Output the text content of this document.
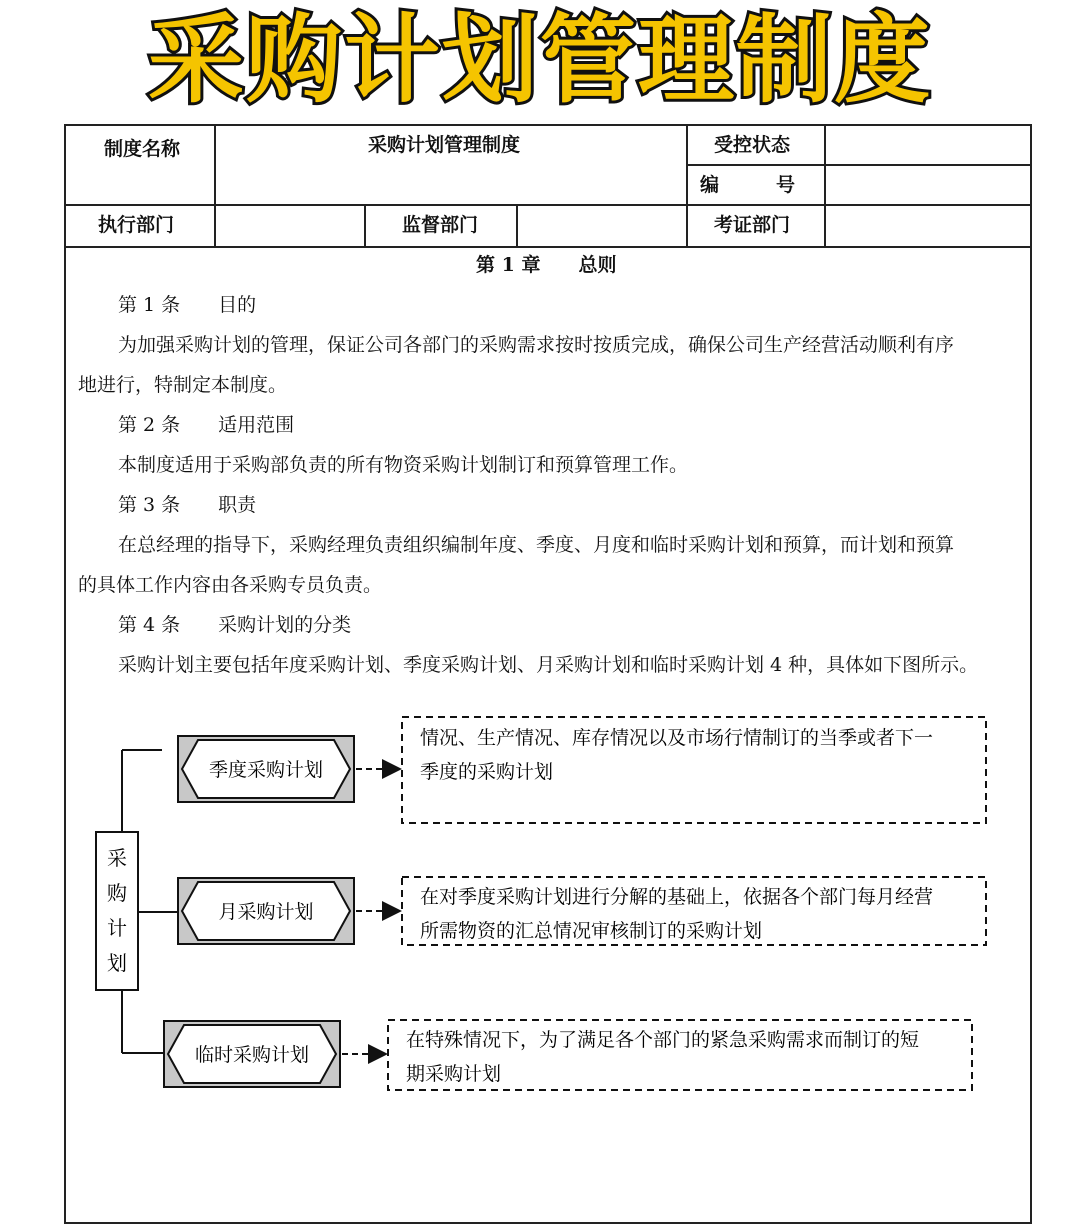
采购计划管理制度
制度名称	采购计划管理制度	受控状态
编　　　号
执行部门	监督部门	考证部门
第 1 章　　总则
第 1 条　　目的
为加强采购计划的管理，保证公司各部门的采购需求按时按质完成，确保公司生产经营活动顺利有序
地进行，特制定本制度。
第 2 条　　适用范围
本制度适用于采购部负责的所有物资采购计划制订和预算管理工作。
第 3 条　　职责
在总经理的指导下，采购经理负责组织编制年度、季度、月度和临时采购计划和预算，而计划和预算
的具体工作内容由各采购专员负责。
第 4 条　　采购计划的分类
采购计划主要包括年度采购计划、季度采购计划、月采购计划和临时采购计划 4 种，具体如下图所示。
采
购
计
划
季度采购计划
情况、生产情况、库存情况以及市场行情制订的当季或者下一
季度的采购计划
月采购计划
在对季度采购计划进行分解的基础上，依据各个部门每月经营
所需物资的汇总情况审核制订的采购计划
临时采购计划
在特殊情况下，为了满足各个部门的紧急采购需求而制订的短
期采购计划
